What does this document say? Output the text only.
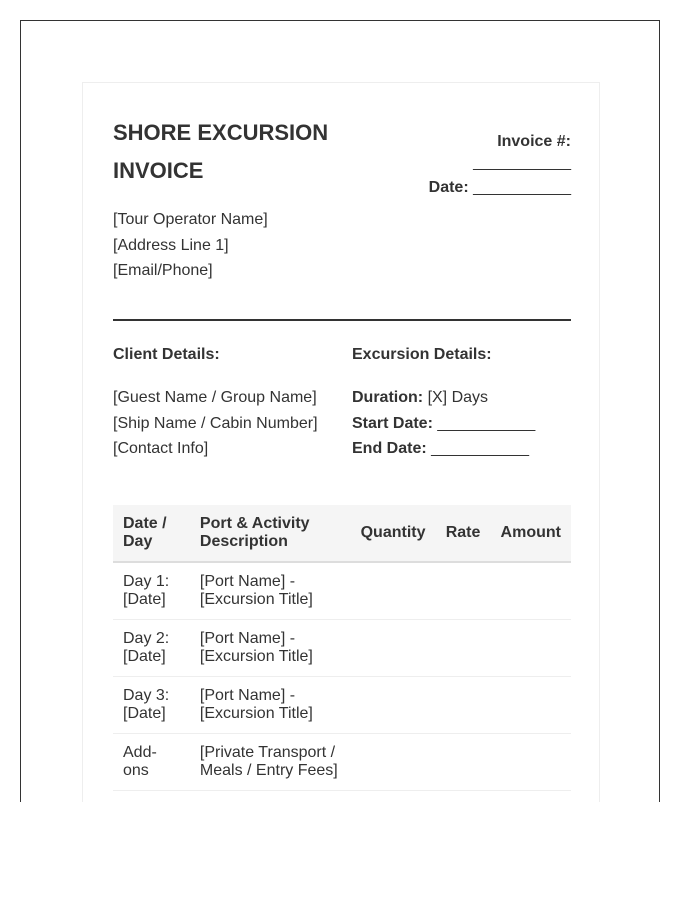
SHORE EXCURSION INVOICE
[Tour Operator Name]
[Address Line 1]
[Email/Phone]
Invoice #:
___________
Date: ___________
Client Details:
[Guest Name / Group Name]
[Ship Name / Cabin Number]
[Contact Info]
Excursion Details:
Duration: [X] Days
Start Date: ___________
End Date: ___________
Date / Day	Port & Activity Description	Quantity	Rate	Amount
Day 1: [Date]	[Port Name] - [Excursion Title]			
Day 2: [Date]	[Port Name] - [Excursion Title]			
Day 3: [Date]	[Port Name] - [Excursion Title]			
Add-ons	[Private Transport / Meals / Entry Fees]			
